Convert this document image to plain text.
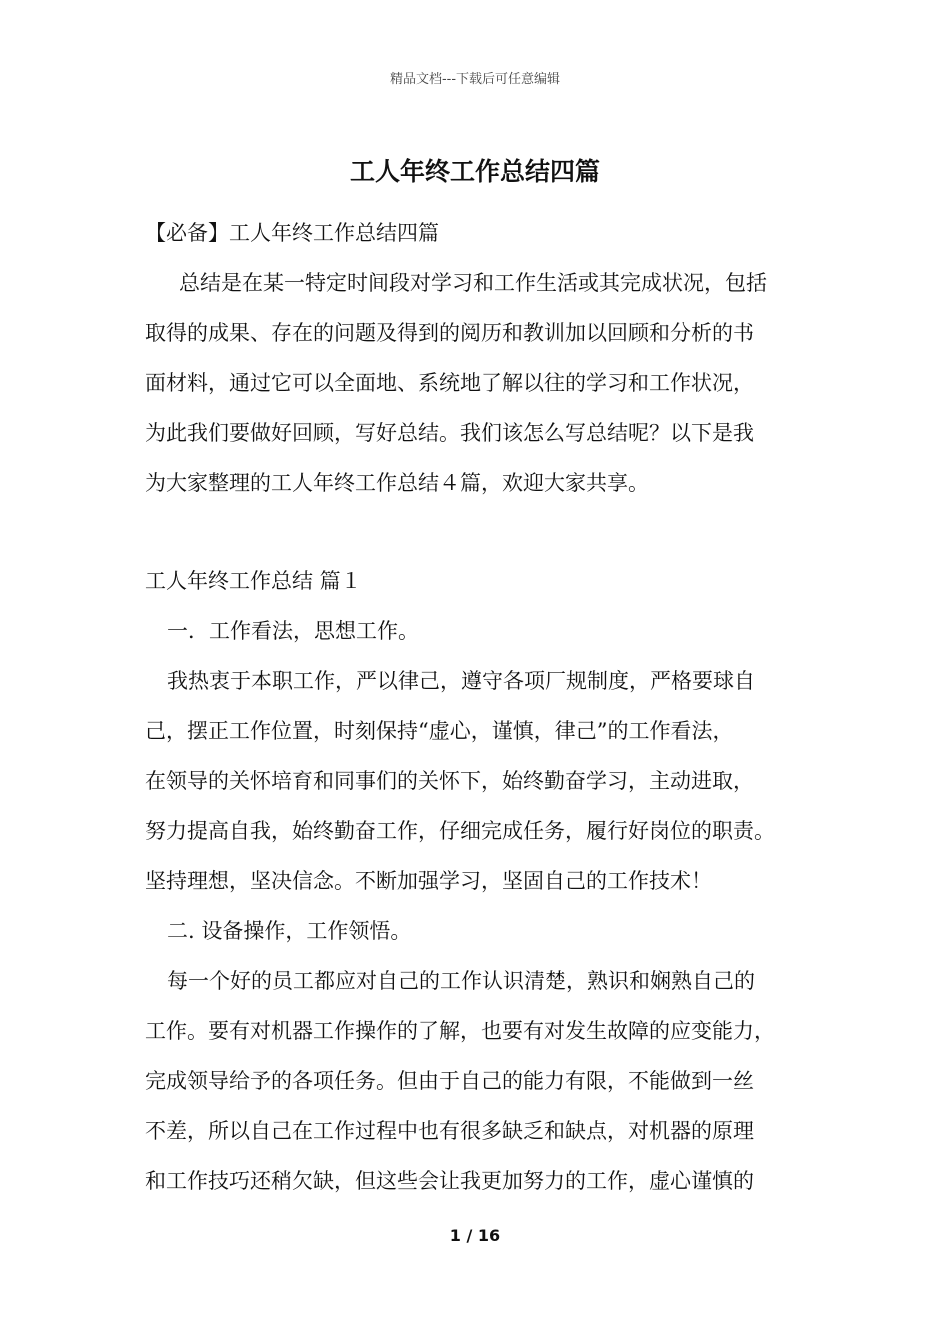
精品文档---下载后可任意编辑
工人年终工作总结四篇
【必备】工人年终工作总结四篇
总结是在某一特定时间段对学习和工作生活或其完成状况，包括
取得的成果、存在的问题及得到的阅历和教训加以回顾和分析的书
面材料，通过它可以全面地、系统地了解以往的学习和工作状况，
为此我们要做好回顾，写好总结。我们该怎么写总结呢？以下是我
为大家整理的工人年终工作总结４篇，欢迎大家共享。
工人年终工作总结 篇１
一．工作看法，思想工作。
我热衷于本职工作，严以律己，遵守各项厂规制度，严格要球自
己，摆正工作位置，时刻保持“虚心，谨慎，律己”的工作看法，
在领导的关怀培育和同事们的关怀下，始终勤奋学习，主动进取，
努力提高自我，始终勤奋工作，仔细完成任务，履行好岗位的职责。
坚持理想，坚决信念。不断加强学习，坚固自己的工作技术！
二. 设备操作，工作领悟。
每一个好的员工都应对自己的工作认识清楚，熟识和娴熟自己的
工作。要有对机器工作操作的了解，也要有对发生故障的应变能力，
完成领导给予的各项任务。但由于自己的能力有限，不能做到一丝
不差，所以自己在工作过程中也有很多缺乏和缺点，对机器的原理
和工作技巧还稍欠缺，但这些会让我更加努力的工作，虚心谨慎的
1 / 16
